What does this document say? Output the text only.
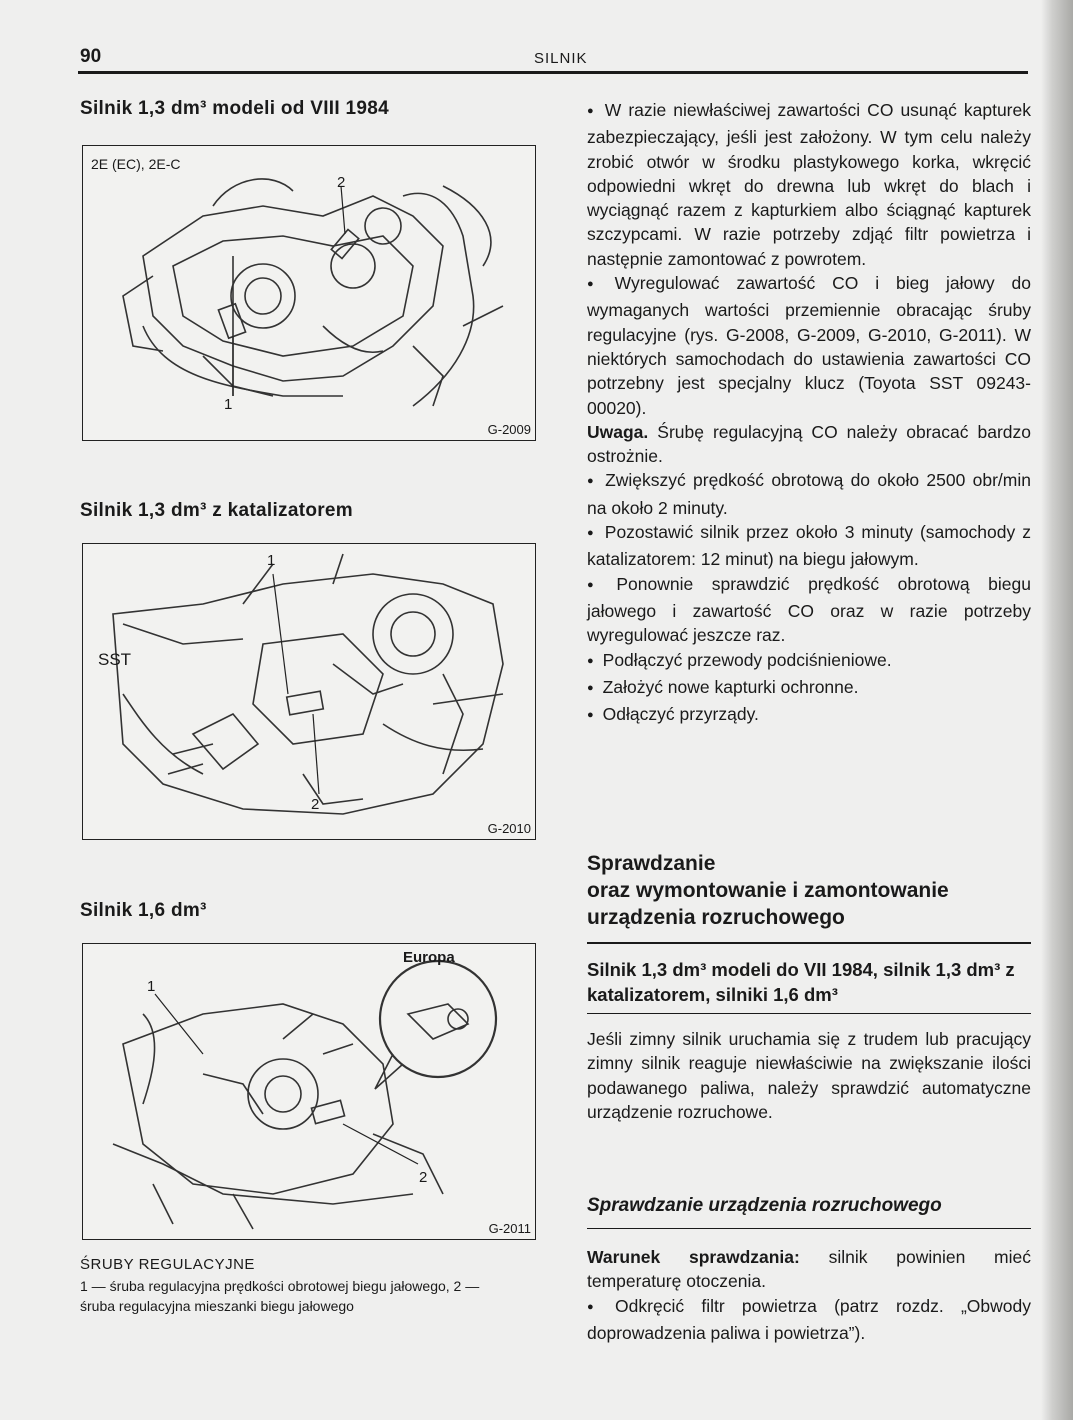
90	SILNIK
Silnik 1,3 dm³ modeli od VIII 1984
2E (EC), 2E-C
1
2
G-2009
Silnik 1,3 dm³ z katalizatorem
1
SST
2
G-2010
Silnik 1,6 dm³
1
Europa
2
G-2011
ŚRUBY REGULACYJNE
1 — śruba regulacyjna prędkości obrotowej biegu jałowego, 2 — śruba regulacyjna mieszanki biegu jałowego

● W razie niewłaściwej zawartości CO usunąć kapturek zabezpieczający, jeśli jest założony. W tym celu należy zrobić otwór w środku plastykowego korka, wkręcić odpowiedni wkręt do drewna lub wkręt do blach i wyciągnąć razem z kapturkiem albo ściągnąć kapturek szczypcami. W razie potrzeby zdjąć filtr powietrza i następnie zamontować z powrotem.

● Wyregulować zawartość CO i bieg jałowy do wymaganych wartości przemiennie obracając śruby regulacyjne (rys. G-2008, G-2009, G-2010, G-2011). W niektórych samochodach do ustawienia zawartości CO potrzebny jest specjalny klucz (Toyota SST 09243-00020).

Uwaga. Śrubę regulacyjną CO należy obracać bardzo ostrożnie.

● Zwiększyć prędkość obrotową do około 2500 obr/min na około 2 minuty.

● Pozostawić silnik przez około 3 minuty (samochody z katalizatorem: 12 minut) na biegu jałowym.

● Ponownie sprawdzić prędkość obrotową biegu jałowego i zawartość CO oraz w razie potrzeby wyregulować jeszcze raz.

● Podłączyć przewody podciśnieniowe.

● Założyć nowe kapturki ochronne.

● Odłączyć przyrządy.

Sprawdzanie
oraz wymontowanie i zamontowanie
urządzenia rozruchowego
Silnik 1,3 dm³ modeli do VII 1984, silnik 1,3 dm³ z katalizatorem, silniki 1,6 dm³

Jeśli zimny silnik uruchamia się z trudem lub pracujący zimny silnik reaguje niewłaściwie na zwiększanie ilości podawanego paliwa, należy sprawdzić automatyczne urządzenie rozruchowe.

Sprawdzanie urządzenia rozruchowego

Warunek sprawdzania: silnik powinien mieć temperaturę otoczenia.

● Odkręcić filtr powietrza (patrz rozdz. „Obwody doprowadzenia paliwa i powietrza”).
